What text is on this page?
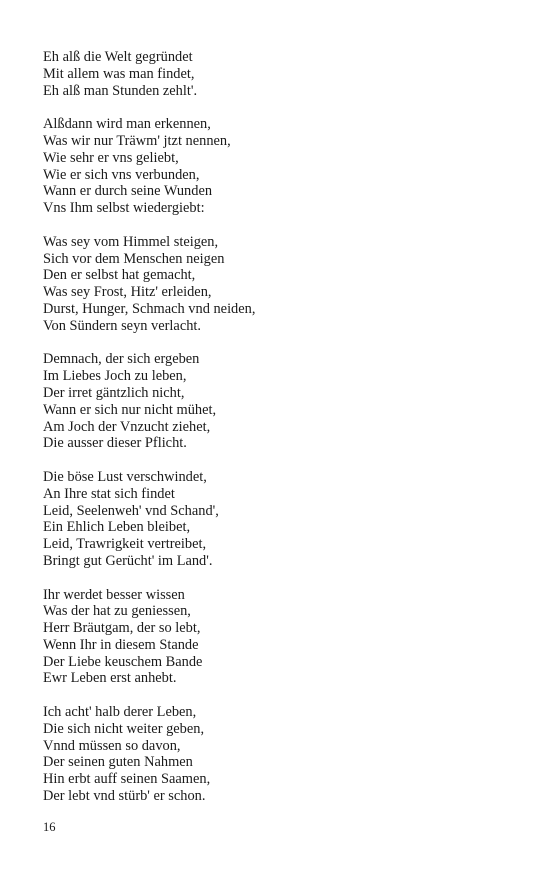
Eh alß die Welt gegründet
Mit allem was man findet,
Eh alß man Stunden zehlt'.
Alßdann wird man erkennen,
Was wir nur Träwm' jtzt nennen,
Wie sehr er vns geliebt,
Wie er sich vns verbunden,
Wann er durch seine Wunden
Vns Ihm selbst wiedergiebt:
Was sey vom Himmel steigen,
Sich vor dem Menschen neigen
Den er selbst hat gemacht,
Was sey Frost, Hitz' erleiden,
Durst, Hunger, Schmach vnd neiden,
Von Sündern seyn verlacht.
Demnach, der sich ergeben
Im Liebes Joch zu leben,
Der irret gäntzlich nicht,
Wann er sich nur nicht mühet,
Am Joch der Vnzucht ziehet,
Die ausser dieser Pflicht.
Die böse Lust verschwindet,
An Ihre stat sich findet
Leid, Seelenweh' vnd Schand',
Ein Ehlich Leben bleibet,
Leid, Trawrigkeit vertreibet,
Bringt gut Gerücht' im Land'.
Ihr werdet besser wissen
Was der hat zu geniessen,
Herr Bräutgam, der so lebt,
Wenn Ihr in diesem Stande
Der Liebe keuschem Bande
Ewr Leben erst anhebt.
Ich acht' halb derer Leben,
Die sich nicht weiter geben,
Vnnd müssen so davon,
Der seinen guten Nahmen
Hin erbt auff seinen Saamen,
Der lebt vnd stürb' er schon.
16
